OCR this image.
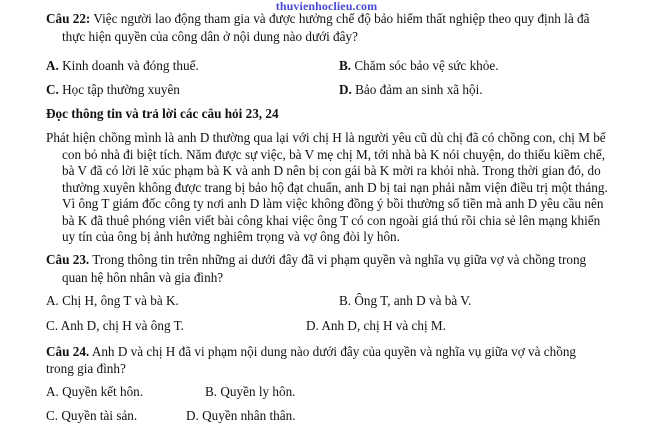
thuvienhoclieu.com
Câu 22: Việc người lao động tham gia và được hưởng chế độ bảo hiểm thất nghiệp theo quy định là đã
thực hiện quyền của công dân ở nội dung nào dưới đây?
A. Kinh doanh và đóng thuế.	B. Chăm sóc bảo vệ sức khỏe.
C. Học tập thường xuyên	D. Bảo đảm an sinh xã hội.
Đọc thông tin và trả lời các câu hỏi 23, 24
Phát hiện chồng mình là anh D thường qua lại với chị H là người yêu cũ dù chị đã có chồng con, chị M bế
con bỏ nhà đi biệt tích. Năm được sự việc, bà V mẹ chị M, tới nhà bà K nói chuyện, do thiếu kiềm chế,
bà V đã có lời lẽ xúc phạm bà K và anh D nên bị con gái bà K mời ra khỏi nhà. Trong thời gian đó, do
thường xuyên không được trang bị bảo hộ đạt chuẩn, anh D bị tai nạn phải nằm viện điều trị một tháng.
Vì ông T giám đốc công ty nơi anh D làm việc không đồng ý bồi thường số tiền mà anh D yêu cầu nên
bà K đã thuê phóng viên viết bài công khai việc ông T có con ngoài giá thú rồi chia sẻ lên mạng khiến
uy tín của ông bị ảnh hưởng nghiêm trọng và vợ ông đòi ly hôn.
Câu 23. Trong thông tin trên những ai dưới đây đã vi phạm quyền và nghĩa vụ giữa vợ và chồng trong
quan hệ hôn nhân và gia đình?
A. Chị H, ông T và bà K.	B. Ông T, anh D và bà V.
C. Anh D, chị H và ông T.	D. Anh D, chị H và chị M.
Câu 24. Anh D và chị H đã vi phạm nội dung nào dưới đây của quyền và nghĩa vụ giữa vợ và chồng
trong gia đình?
A. Quyền kết hôn.	B. Quyền ly hôn.
C. Quyền tài sản.	D. Quyền nhân thân.
